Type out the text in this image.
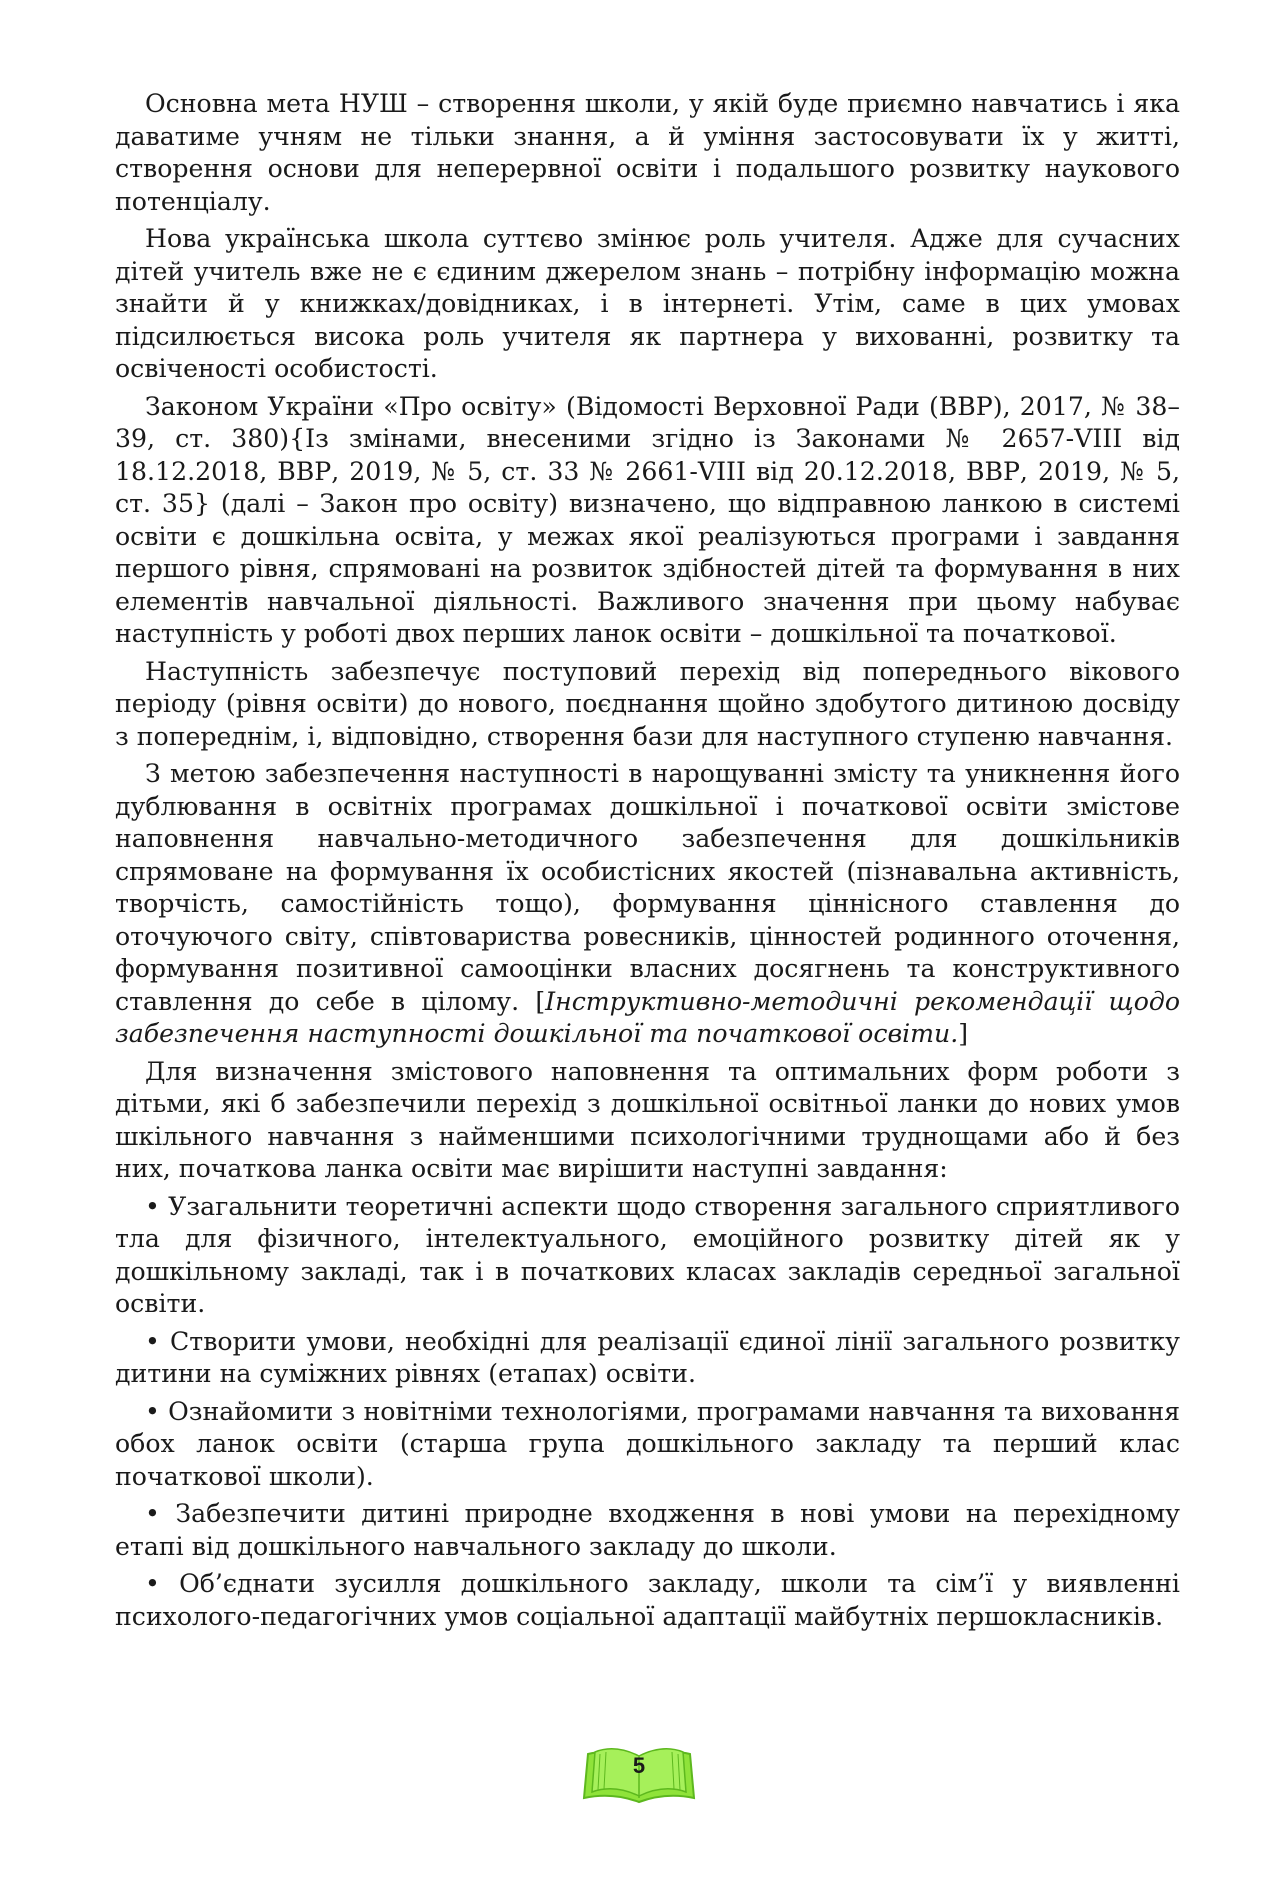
Основна мета НУШ – створення школи, у якій буде приємно навчатись і яка даватиме учням не тільки знання, а й уміння застосовувати їх у житті, створення основи для неперервної освіти і подальшого розвитку наукового потенціалу.

Нова українська школа суттєво змінює роль учителя. Адже для сучасних дітей учитель вже не є єдиним джерелом знань – потрібну інформацію можна знайти й у книжках/довідниках, і в інтернеті. Утім, саме в цих умовах підсилюється висока роль учителя як партнера у вихованні, розвитку та освіченості особистості.

Законом України «Про освіту» (Відомості Верховної Ради (ВВР), 2017, № 38–39, ст. 380){Із змінами, внесеними згідно із Законами № 2657-VIII від 18.12.2018, ВВР, 2019, № 5, ст. 33 № 2661-VIII від 20.12.2018, ВВР, 2019, № 5, ст. 35} (далі – Закон про освіту) визначено, що відправною ланкою в системі освіти є дошкільна освіта, у межах якої реалізуються програми і завдання першого рівня, спрямовані на розвиток здібностей дітей та формування в них елементів навчальної діяльності. Важливого значення при цьому набуває наступність у роботі двох перших ланок освіти – дошкільної та початкової.

Наступність забезпечує поступовий перехід від попереднього вікового періоду (рівня освіти) до нового, поєднання щойно здобутого дитиною досвіду з попереднім, і, відповідно, створення бази для наступного ступеню навчання.

З метою забезпечення наступності в нарощуванні змісту та уникнення його дублювання в освітніх програмах дошкільної і початкової освіти змістове наповнення навчально-методичного забезпечення для дошкільників спрямоване на формування їх особистісних якостей (пізнавальна активність, творчість, самостійність тощо), формування ціннісного ставлення до оточуючого світу, співтовариства ровесників, цінностей родинного оточення, формування позитивної самооцінки власних досягнень та конструктивного ставлення до себе в цілому. [Інструктивно-методичні рекомендації щодо забезпечення наступності дошкільної та початкової освіти.]

Для визначення змістового наповнення та оптимальних форм роботи з дітьми, які б забезпечили перехід з дошкільної освітньої ланки до нових умов шкільного навчання з найменшими психологічними труднощами або й без них, початкова ланка освіти має вирішити наступні завдання:

• Узагальнити теоретичні аспекти щодо створення загального сприятливого тла для фізичного, інтелектуального, емоційного розвитку дітей як у дошкільному закладі, так і в початкових класах закладів середньої загальної освіти.

• Створити умови, необхідні для реалізації єдиної лінії загального розвитку дитини на суміжних рівнях (етапах) освіти.

• Ознайомити з новітніми технологіями, програмами навчання та виховання обох ланок освіти (старша група дошкільного закладу та перший клас початкової школи).

• Забезпечити дитині природне входження в нові умови на перехідному етапі від дошкільного навчального закладу до школи.

• Об’єднати зусилля дошкільного закладу, школи та сім’ї у виявленні психолого-педагогічних умов соціальної адаптації майбутніх першокласників.

5
